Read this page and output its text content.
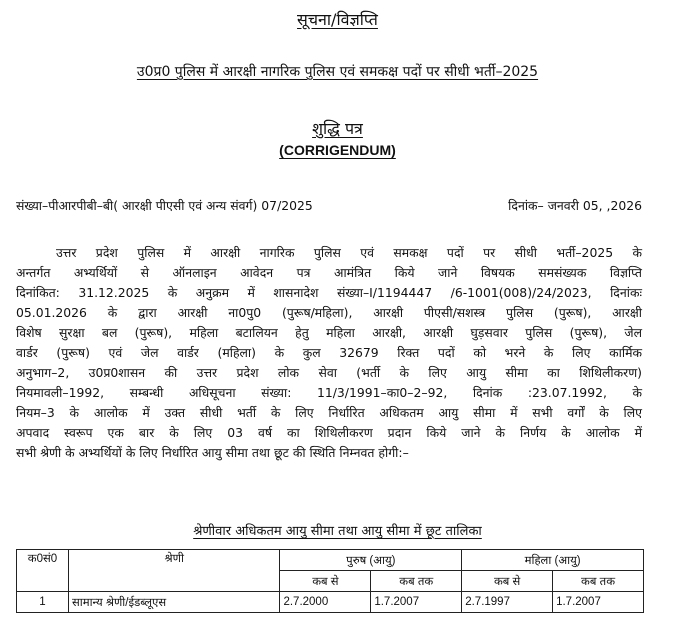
सूचना/विज्ञप्ति
उ0प्र0 पुलिस में आरक्षी नागरिक पुलिस एवं समकक्ष पदों पर सीधी भर्ती–2025
शुद्धि पत्र
(CORRIGENDUM)
संख्या–पीआरपीबी–बी( आरक्षी पीएसी एवं अन्य संवर्ग) 07/2025	दिनांक– जनवरी 05, ,2026
उत्तर प्रदेश पुलिस में आरक्षी नागरिक पुलिस एवं समकक्ष पदों पर सीधी भर्ती–2025 के
अन्तर्गत अभ्यर्थियों से ऑनलाइन आवेदन पत्र आमंत्रित किये जाने विषयक समसंख्यक विज्ञप्ति
दिनांकित: 31.12.2025 के अनुक्रम में शासनादेश संख्या–I/1194447 /6-1001(008)/24/2023, दिनांकः
05.01.2026 के द्वारा आरक्षी ना0पु0 (पुरूष/महिला), आरक्षी पीएसी/सशस्त्र पुलिस (पुरूष), आरक्षी
विशेष सुरक्षा बल (पुरूष), महिला बटालियन हेतु महिला आरक्षी, आरक्षी घुड़सवार पुलिस (पुरूष), जेल
वार्डर (पुरूष) एवं जेल वार्डर (महिला) के कुल 32679 रिक्त पदों को भरने के लिए कार्मिक
अनुभाग–2, उ0प्र0शासन की उत्तर प्रदेश लोक सेवा (भर्ती के लिए आयु सीमा का शिथिलीकरण)
नियमावली–1992, सम्बन्धी अधिसूचना संख्या: 11/3/1991–का0–2–92, दिनांक :23.07.1992, के
नियम–3 के आलोक में उक्त सीधी भर्ती के लिए निर्धारित अधिकतम आयु सीमा में सभी वर्गों के लिए
अपवाद स्वरूप एक बार के लिए 03 वर्ष का शिथिलीकरण प्रदान किये जाने के निर्णय के आलोक में
सभी श्रेणी के अभ्यर्थियों के लिए निर्धारित आयु सीमा तथा छूट की स्थिति निम्नवत होगी:–
श्रेणीवार अधिकतम आयु सीमा तथा आयु सीमा में छूट तालिका
क0सं0	श्रेणी	पुरुष (आयु)		महिला (आयु)	
		कब से	कब तक	कब से	कब तक
1	सामान्य श्रेणी/ईडब्लूएस	2.7.2000	1.7.2007	2.7.1997	1.7.2007
